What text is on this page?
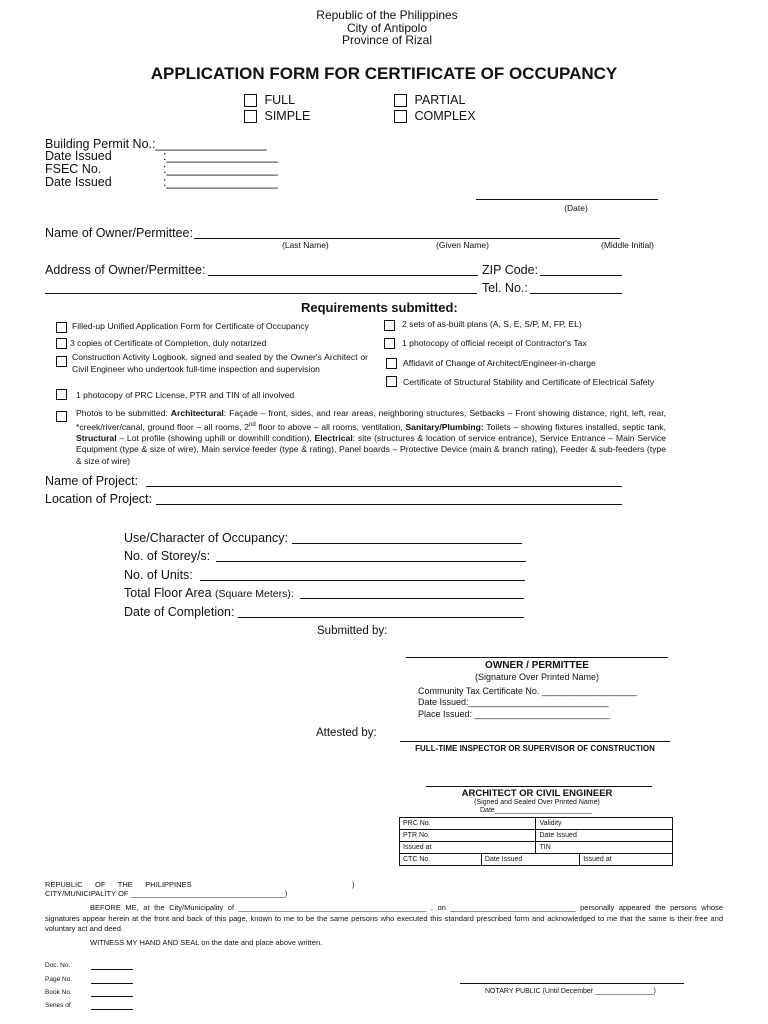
Republic of the Philippines
City of Antipolo
Province of Rizal
APPLICATION FORM FOR CERTIFICATE OF OCCUPANCY
FULL
SIMPLE
PARTIAL
COMPLEX
Building Permit No.:________________
Date Issued	:________________
FSEC No.	:________________
Date Issued	:________________
(Date)
Name of Owner/Permittee:
(Last Name)	(Given Name)	(Middle Initial)
Address of Owner/Permittee:	ZIP Code:
Tel. No.:
Requirements submitted:
Filled-up Unified Application Form for Certificate of Occupancy
3 copies of Certificate of Completion, duly notarized
Construction Activity Logbook, signed and sealed by the Owner's Architect or Civil Engineer who undertook full-time inspection and supervision
1 photocopy of PRC License, PTR and TIN of all involved
2 sets of as-built plans (A, S, E, S/P, M, FP, EL)
1 photocopy of official receipt of Contractor's Tax
Affidavit of Change of Architect/Engineer-in-charge
Certificate of Structural Stability and Certificate of Electrical Safety
Photos to be submitted: Architectural: Façade – front, sides, and rear areas, neighboring structures, Setbacks – Front showing distance, right, left, rear, *creek/river/canal, ground floor – all rooms, 2nd floor to above – all rooms, ventilation, Sanitary/Plumbing: Toilets – showing fixtures installed, septic tank, Structural – Lot profile (showing uphill or downhill condition), Electrical: site (structures & location of service entrance), Service Entrance – Main Service Equipment (type & size of wire), Main service feeder (type & rating), Panel boards – Protective Device (main & branch rating), Feeder & sub-feeders (type & size of wire)
Name of Project:
Location of Project:
Use/Character of Occupancy:
No. of Storey/s:
No. of Units:
Total Floor Area (Square Meters):
Date of Completion:
Submitted by:
OWNER / PERMITTEE
(Signature Over Printed Name)
Community Tax Certificate No. ___________________
Date Issued:____________________________
Place Issued: ___________________________
Attested by:
FULL-TIME INSPECTOR OR SUPERVISOR OF CONSTRUCTION
ARCHITECT OR CIVIL ENGINEER
(Signed and Sealed Over Printed Name)
Date_________________________
PRC No.		Validity	
PTR No.		Date Issued	
Issued at		TIN	
CTC No.	Date Issued		Issued at
REPUBLIC      OF      THE      PHILIPPINES                                                                             )
CITY/MUNICIPALITY OF _____________________________________)
BEFORE ME, at the City/Municipality of _____________________________________________ , on ______________________________ personally appeared the persons whose signatures appear herein at the front and back of this page, known to me to be the same persons who executed this standard prescribed form and acknowledged to me that the same is their free and voluntary act and deed.
WITNESS MY HAND AND SEAL on the date and place above written.
Doc. No.
Page No.
Book No.
Series of
NOTARY PUBLIC (Until December _______________)
